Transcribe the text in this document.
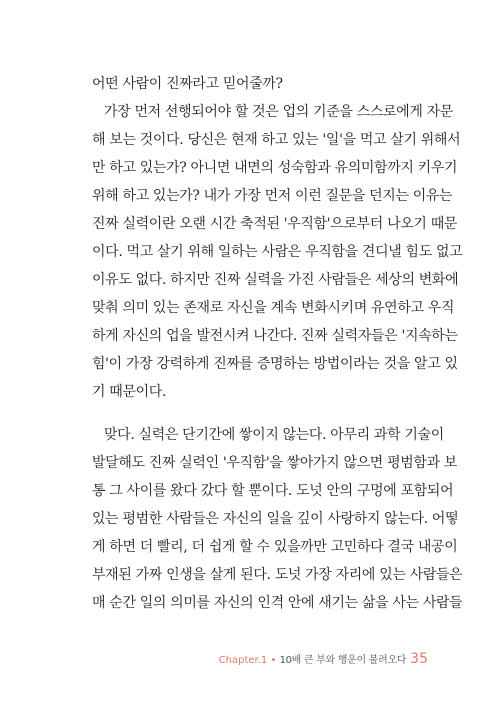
어떤 사람이 진짜라고 믿어줄까?
가장 먼저 선행되어야 할 것은 업의 기준을 스스로에게 자문
해 보는 것이다. 당신은 현재 하고 있는 '일'을 먹고 살기 위해서
만 하고 있는가? 아니면 내면의 성숙함과 유의미함까지 키우기
위해 하고 있는가? 내가 가장 먼저 이런 질문을 던지는 이유는
진짜 실력이란 오랜 시간 축적된 '우직함'으로부터 나오기 때문
이다. 먹고 살기 위해 일하는 사람은 우직함을 견디낼 힘도 없고
이유도 없다. 하지만 진짜 실력을 가진 사람들은 세상의 변화에
맞춰 의미 있는 존재로 자신을 계속 변화시키며 유연하고 우직
하게 자신의 업을 발전시켜 나간다. 진짜 실력자들은 '지속하는
힘'이 가장 강력하게 진짜를 증명하는 방법이라는 것을 알고 있
기 때문이다.
맞다. 실력은 단기간에 쌓이지 않는다. 아무리 과학 기술이
발달해도 진짜 실력인 '우직함'을 쌓아가지 않으면 평범함과 보
통 그 사이를 왔다 갔다 할 뿐이다. 도넛 안의 구멍에 포함되어
있는 평범한 사람들은 자신의 일을 깊이 사랑하지 않는다. 어떻
게 하면 더 빨리, 더 쉽게 할 수 있을까만 고민하다 결국 내공이
부재된 가짜 인생을 살게 된다. 도넛 가장 자리에 있는 사람들은
매 순간 일의 의미를 자신의 인격 안에 새기는 삶을 사는 사람들
Chapter.1 • 10배 큰 부와 행운이 불려오다 35
